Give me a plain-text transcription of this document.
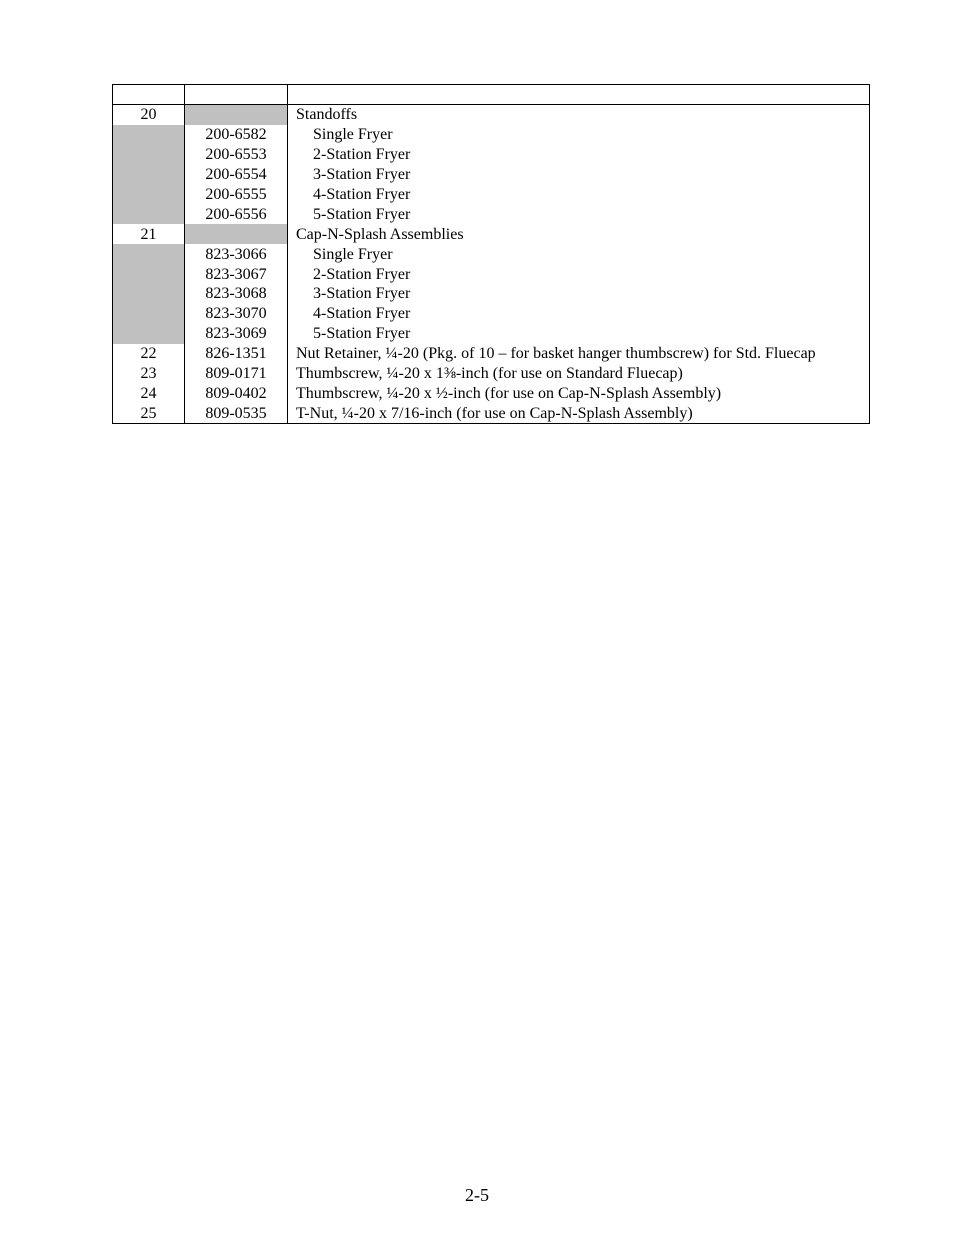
20		Standoffs
	200-6582	Single Fryer
	200-6553	2-Station Fryer
	200-6554	3-Station Fryer
	200-6555	4-Station Fryer
	200-6556	5-Station Fryer
21		Cap-N-Splash Assemblies
	823-3066	Single Fryer
	823-3067	2-Station Fryer
	823-3068	3-Station Fryer
	823-3070	4-Station Fryer
	823-3069	5-Station Fryer
22	826-1351	Nut Retainer, ¼-20 (Pkg. of 10 – for basket hanger thumbscrew) for Std. Fluecap
23	809-0171	Thumbscrew, ¼-20 x 1⅜-inch (for use on Standard Fluecap)
24	809-0402	Thumbscrew, ¼-20 x ½-inch (for use on Cap-N-Splash Assembly)
25	809-0535	T-Nut, ¼-20 x 7/16-inch (for use on Cap-N-Splash Assembly)
2-5
